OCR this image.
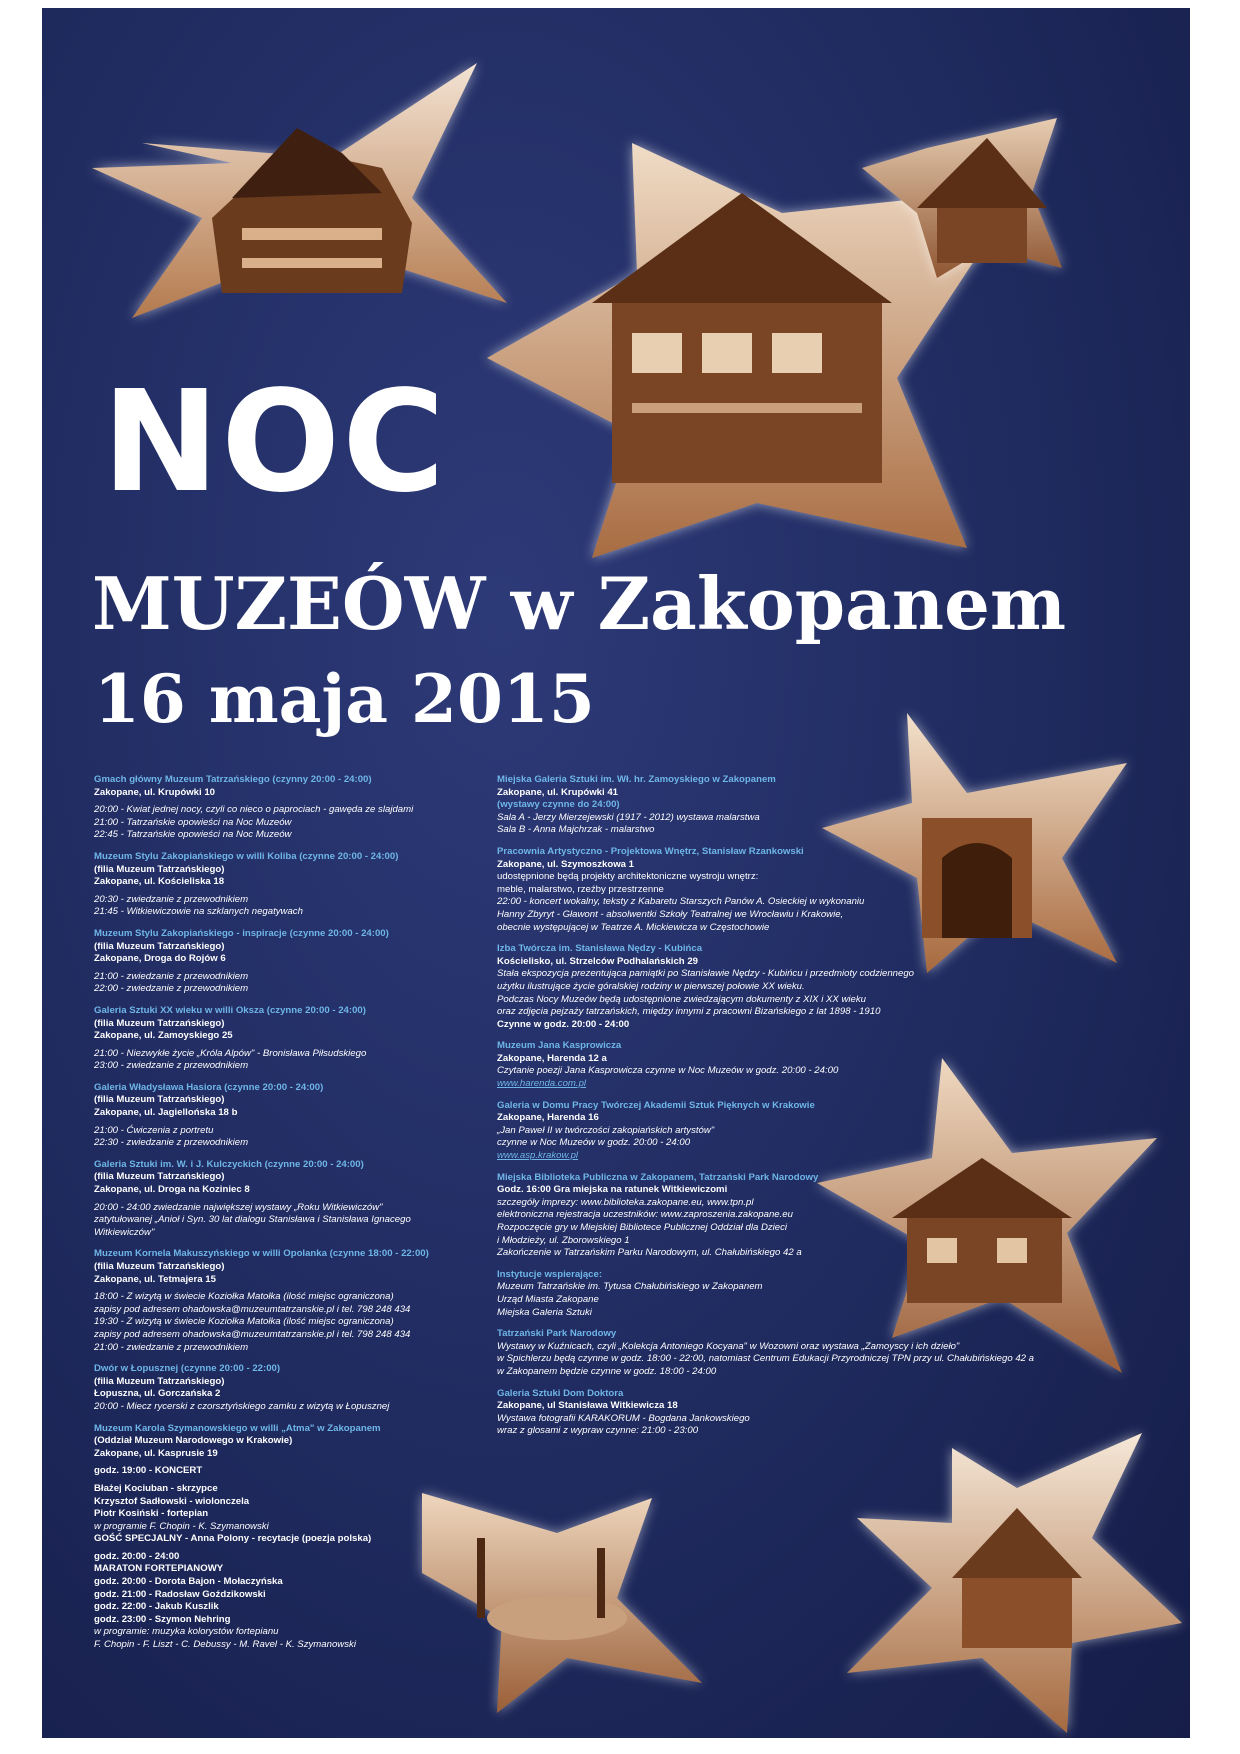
NOC
MUZEÓW w Zakopanem
16 maja 2015
Gmach główny Muzeum Tatrzańskiego (czynny 20:00 - 24:00)
Zakopane, ul. Krupówki 10
20:00 - Kwiat jednej nocy, czyli co nieco o paprociach - gawęda ze slajdami
21:00 - Tatrzańskie opowieści na Noc Muzeów
22:45 - Tatrzańskie opowieści na Noc Muzeów
Muzeum Stylu Zakopiańskiego w willi Koliba (czynne 20:00 - 24:00)
(filia Muzeum Tatrzańskiego)
Zakopane, ul. Kościeliska 18
20:30 - zwiedzanie z przewodnikiem
21:45 - Witkiewiczowie na szklanych negatywach
Muzeum Stylu Zakopiańskiego - inspiracje (czynne 20:00 - 24:00)
(filia Muzeum Tatrzańskiego)
Zakopane, Droga do Rojów 6
21:00 - zwiedzanie z przewodnikiem
22:00 - zwiedzanie z przewodnikiem
Galeria Sztuki XX wieku w willi Oksza (czynne 20:00 - 24:00)
(filia Muzeum Tatrzańskiego)
Zakopane, ul. Zamoyskiego 25
21:00 - Niezwykłe życie „Króla Alpów" - Bronisława Piłsudskiego
23:00 - zwiedzanie z przewodnikiem
Galeria Władysława Hasiora (czynne 20:00 - 24:00)
(filia Muzeum Tatrzańskiego)
Zakopane, ul. Jagiellońska 18 b
21:00 - Ćwiczenia z portretu
22:30 - zwiedzanie z przewodnikiem
Galeria Sztuki im. W. i J. Kulczyckich (czynne 20:00 - 24:00)
(filia Muzeum Tatrzańskiego)
Zakopane, ul. Droga na Koziniec 8
20:00 - 24:00 zwiedzanie największej wystawy „Roku Witkiewiczów"
zatytułowanej „Anioł i Syn. 30 lat dialogu Stanisława i Stanisława Ignacego
Witkiewiczów"
Muzeum Kornela Makuszyńskiego w willi Opolanka (czynne 18:00 - 22:00)
(filia Muzeum Tatrzańskiego)
Zakopane, ul. Tetmajera 15
18:00 - Z wizytą w świecie Koziołka Matołka (ilość miejsc ograniczona)
zapisy pod adresem ohadowska@muzeumtatrzanskie.pl i tel. 798 248 434
19:30 - Z wizytą w świecie Koziołka Matołka (ilość miejsc ograniczona)
zapisy pod adresem ohadowska@muzeumtatrzanskie.pl i tel. 798 248 434
21:00 - zwiedzanie z przewodnikiem
Dwór w Łopusznej (czynne 20:00 - 22:00)
(filia Muzeum Tatrzańskiego)
Łopuszna, ul. Gorczańska 2
20:00 - Miecz rycerski z czorsztyńskiego zamku z wizytą w Łopusznej
Muzeum Karola Szymanowskiego w willi „Atma" w Zakopanem
(Oddział Muzeum Narodowego w Krakowie)
Zakopane, ul. Kasprusie 19
godz. 19:00 - KONCERT
Błażej Kociuban - skrzypce
Krzysztof Sadłowski - wiolonczela
Piotr Kosiński - fortepian
w programie F. Chopin - K. Szymanowski
GOŚĆ SPECJALNY - Anna Polony - recytacje (poezja polska)
godz. 20:00 - 24:00
MARATON FORTEPIANOWY
godz. 20:00 - Dorota Bajon - Mołaczyńska
godz. 21:00 - Radosław Goździkowski
godz. 22:00 - Jakub Kuszlik
godz. 23:00 - Szymon Nehring
w programie: muzyka kolorystów fortepianu
F. Chopin - F. Liszt - C. Debussy - M. Ravel - K. Szymanowski
Miejska Galeria Sztuki im. Wł. hr. Zamoyskiego w Zakopanem
Zakopane, ul. Krupówki 41
(wystawy czynne do 24:00)
Sala A - Jerzy Mierzejewski (1917 - 2012) wystawa malarstwa
Sala B - Anna Majchrzak - malarstwo
Pracownia Artystyczno - Projektowa Wnętrz, Stanisław Rzankowski
Zakopane, ul. Szymoszkowa 1
udostępnione będą projekty architektoniczne wystroju wnętrz:
meble, malarstwo, rzeźby przestrzenne
22:00 - koncert wokalny, teksty z Kabaretu Starszych Panów A. Osieckiej w wykonaniu
Hanny Zbyryt - Gławont - absolwentki Szkoły Teatralnej we Wrocławiu i Krakowie,
obecnie występującej w Teatrze A. Mickiewicza w Częstochowie
Izba Twórcza im. Stanisława Nędzy - Kubińca
Kościelisko, ul. Strzelców Podhalańskich 29
Stała ekspozycja prezentująca pamiątki po Stanisławie Nędzy - Kubińcu i przedmioty codziennego
użytku ilustrujące życie góralskiej rodziny w pierwszej połowie XX wieku.
Podczas Nocy Muzeów będą udostępnione zwiedzającym dokumenty z XIX i XX wieku
oraz zdjęcia pejzaży tatrzańskich, między innymi z pracowni Bizańskiego z lat 1898 - 1910
Czynne w godz. 20:00 - 24:00
Muzeum Jana Kasprowicza
Zakopane, Harenda 12 a
Czytanie poezji Jana Kasprowicza czynne w Noc Muzeów w godz. 20:00 - 24:00
www.harenda.com.pl
Galeria w Domu Pracy Twórczej Akademii Sztuk Pięknych w Krakowie
Zakopane, Harenda 16
„Jan Paweł II w twórczości zakopiańskich artystów"
czynne w Noc Muzeów w godz. 20:00 - 24:00
www.asp.krakow.pl
Miejska Biblioteka Publiczna w Zakopanem, Tatrzański Park Narodowy
Godz. 16:00 Gra miejska na ratunek Witkiewiczomi
szczegóły imprezy: www.biblioteka.zakopane.eu, www.tpn.pl
elektroniczna rejestracja uczestników: www.zaproszenia.zakopane.eu
Rozpoczęcie gry w Miejskiej Bibliotece Publicznej Oddział dla Dzieci
i Młodzieży, ul. Zborowskiego 1
Zakończenie w Tatrzańskim Parku Narodowym, ul. Chałubińskiego 42 a
Instytucje wspierające:
Muzeum Tatrzańskie im. Tytusa Chałubińskiego w Zakopanem
Urząd Miasta Zakopane
Miejska Galeria Sztuki
Tatrzański Park Narodowy
Wystawy w Kuźnicach, czyli „Kolekcja Antoniego Kocyana" w Wozowni oraz wystawa „Zamoyscy i ich dzieło"
w Spichlerzu będą czynne w godz. 18:00 - 22:00, natomiast Centrum Edukacji Przyrodniczej TPN przy ul. Chałubińskiego 42 a
w Zakopanem będzie czynne w godz. 18:00 - 24:00
Galeria Sztuki Dom Doktora
Zakopane, ul Stanisława Witkiewicza 18
Wystawa fotografii KARAKORUM - Bogdana Jankowskiego
wraz z glosami z wypraw czynne: 21:00 - 23:00
